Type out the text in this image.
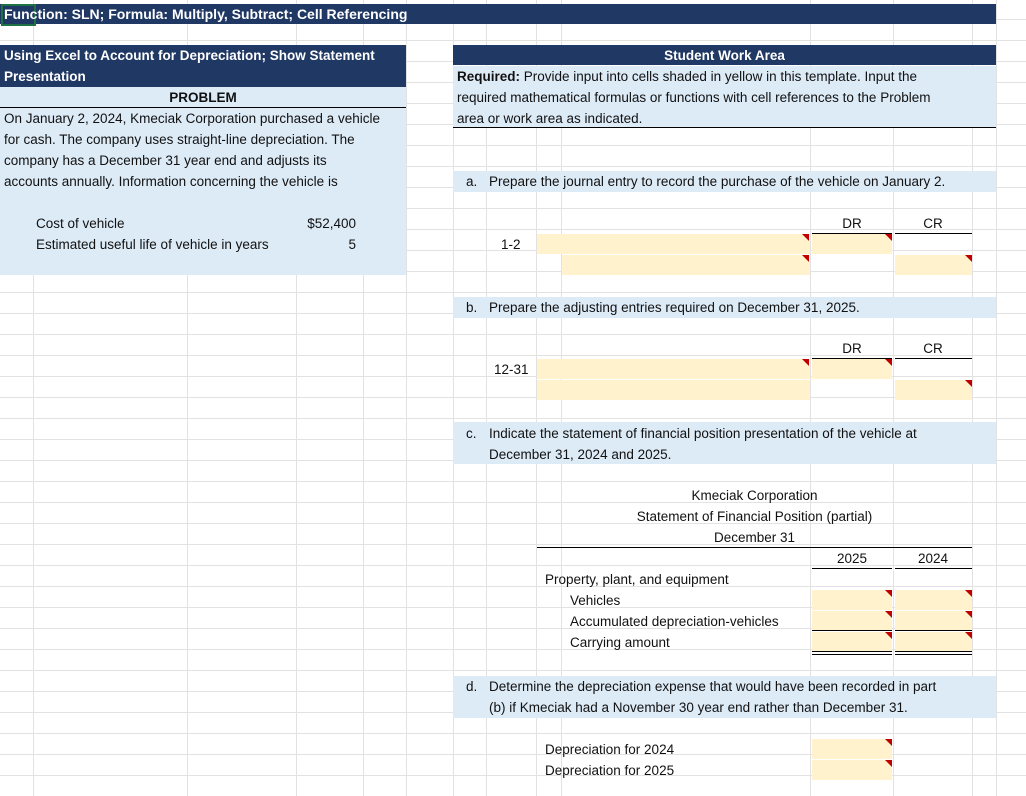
Function: SLN; Formula: Multiply, Subtract; Cell Referencing
Using Excel to Account for Depreciation; Show Statement
Presentation
PROBLEM
On January 2, 2024, Kmeciak Corporation purchased a vehicle
for cash. The company uses straight-line depreciation. The
company has a December 31 year end and adjusts its
accounts annually. Information concerning the vehicle is
Cost of vehicle	$52,400
Estimated useful life of vehicle in years	5
Student Work Area
Required: Provide input into cells shaded in yellow in this template. Input the
required mathematical formulas or functions with cell references to the Problem
area or work area as indicated.
a. Prepare the journal entry to record the purchase of the vehicle on January 2.
DR	CR
1-2
b. Prepare the adjusting entries required on December 31, 2025.
DR	CR
12-31
c. Indicate the statement of financial position presentation of the vehicle at
December 31, 2024 and 2025.
Kmeciak Corporation
Statement of Financial Position (partial)
December 31
2025	2024
Property, plant, and equipment
Vehicles
Accumulated depreciation-vehicles
Carrying amount
d. Determine the depreciation expense that would have been recorded in part
(b) if Kmeciak had a November 30 year end rather than December 31.
Depreciation for 2024
Depreciation for 2025
